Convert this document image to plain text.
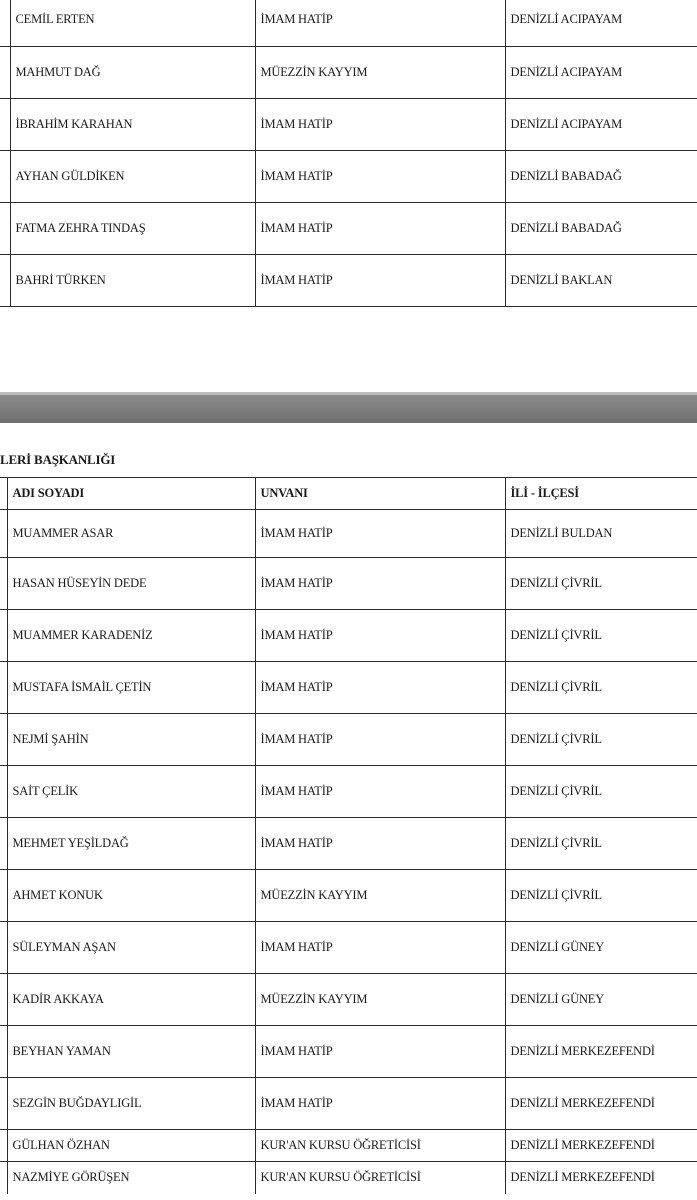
	CEMİL ERTEN	İMAM HATİP	DENİZLİ ACIPAYAM
	MAHMUT DAĞ	MÜEZZİN KAYYIM	DENİZLİ ACIPAYAM
	İBRAHİM KARAHAN	İMAM HATİP	DENİZLİ ACIPAYAM
	AYHAN GÜLDİKEN	İMAM HATİP	DENİZLİ BABADAĞ
	FATMA ZEHRA TINDAŞ	İMAM HATİP	DENİZLİ BABADAĞ
	BAHRİ TÜRKEN	İMAM HATİP	DENİZLİ BAKLAN
LERİ BAŞKANLIĞI
	ADI SOYADI	UNVANI	İLİ - İLÇESİ
	MUAMMER ASAR	İMAM HATİP	DENİZLİ BULDAN
	HASAN HÜSEYİN DEDE	İMAM HATİP	DENİZLİ ÇİVRİL
	MUAMMER KARADENİZ	İMAM HATİP	DENİZLİ ÇİVRİL
	MUSTAFA İSMAİL ÇETİN	İMAM HATİP	DENİZLİ ÇİVRİL
	NEJMİ ŞAHİN	İMAM HATİP	DENİZLİ ÇİVRİL
	SAİT ÇELİK	İMAM HATİP	DENİZLİ ÇİVRİL
	MEHMET YEŞİLDAĞ	İMAM HATİP	DENİZLİ ÇİVRİL
	AHMET KONUK	MÜEZZİN KAYYIM	DENİZLİ ÇİVRİL
	SÜLEYMAN AŞAN	İMAM HATİP	DENİZLİ GÜNEY
	KADİR AKKAYA	MÜEZZİN KAYYIM	DENİZLİ GÜNEY
	BEYHAN YAMAN	İMAM HATİP	DENİZLİ MERKEZEFENDİ
	SEZGİN BUĞDAYLIGİL	İMAM HATİP	DENİZLİ MERKEZEFENDİ
	GÜLHAN ÖZHAN	KUR'AN KURSU ÖĞRETİCİSİ	DENİZLİ MERKEZEFENDİ
	NAZMİYE GÖRÜŞEN	KUR'AN KURSU ÖĞRETİCİSİ	DENİZLİ MERKEZEFENDİ
